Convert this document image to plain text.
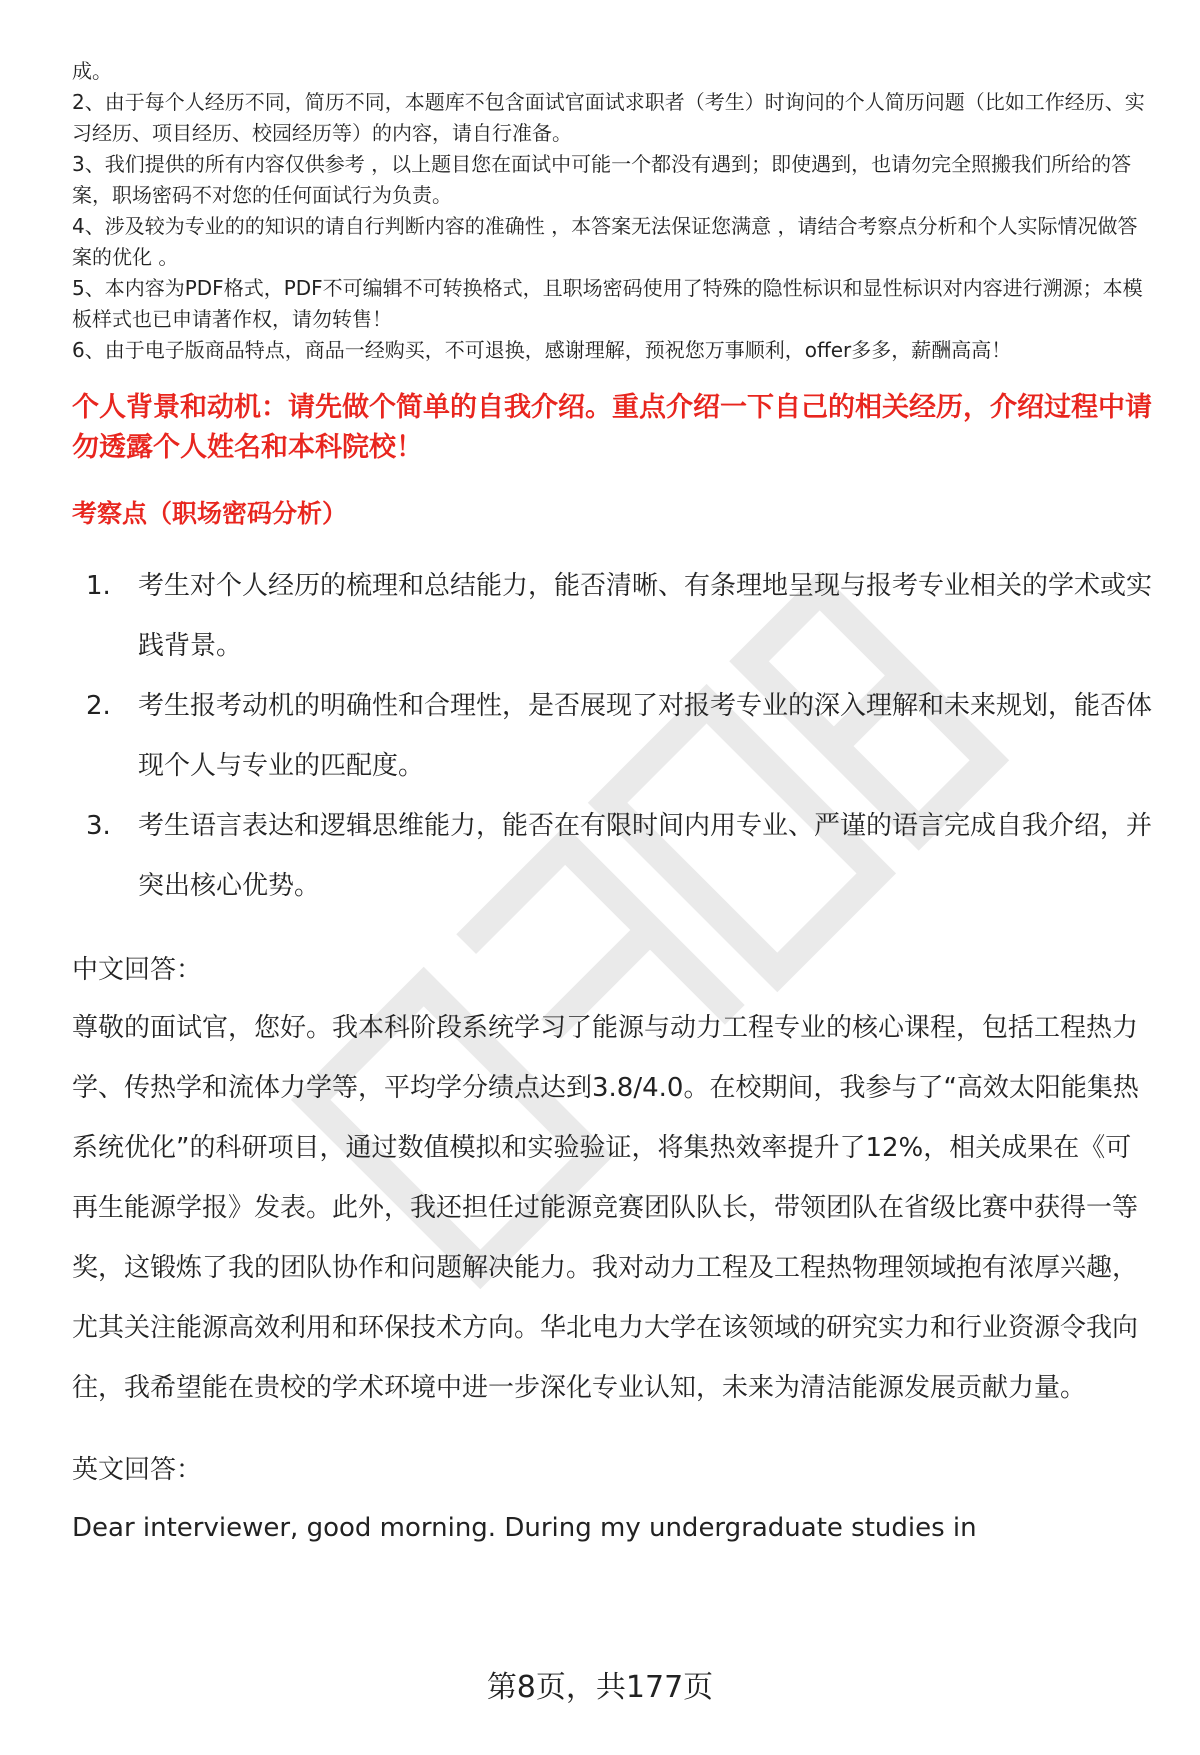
成。
2、由于每个人经历不同，简历不同，本题库不包含面试官面试求职者（考生）时询问的个人简历问题（比如工作经历、实习经历、项目经历、校园经历等）的内容，请自行准备。
3、我们提供的所有内容仅供参考 ，以上题目您在面试中可能一个都没有遇到；即使遇到，也请勿完全照搬我们所给的答案，职场密码不对您的任何面试行为负责。
4、涉及较为专业的的知识的请自行判断内容的准确性 ，本答案无法保证您满意 ，请结合考察点分析和个人实际情况做答案的优化 。
5、本内容为PDF格式，PDF不可编辑不可转换格式，且职场密码使用了特殊的隐性标识和显性标识对内容进行溯源；本模板样式也已申请著作权，请勿转售！
6、由于电子版商品特点，商品一经购买，不可退换，感谢理解，预祝您万事顺利，offer多多，薪酬高高！
个人背景和动机：请先做个简单的自我介绍。重点介绍一下自己的相关经历，介绍过程中请勿透露个人姓名和本科院校！
考察点（职场密码分析）
1.	考生对个人经历的梳理和总结能力，能否清晰、有条理地呈现与报考专业相关的学术或实践背景。
2.	考生报考动机的明确性和合理性，是否展现了对报考专业的深入理解和未来规划，能否体现个人与专业的匹配度。
3.	考生语言表达和逻辑思维能力，能否在有限时间内用专业、严谨的语言完成自我介绍，并突出核心优势。
中文回答：

尊敬的面试官，您好。我本科阶段系统学习了能源与动力工程专业的核心课程，包括工程热力学、传热学和流体力学等，平均学分绩点达到3.8/4.0。在校期间，我参与了“高效太阳能集热系统优化”的科研项目，通过数值模拟和实验验证，将集热效率提升了12%，相关成果在《可再生能源学报》发表。此外，我还担任过能源竞赛团队队长，带领团队在省级比赛中获得一等奖，这锻炼了我的团队协作和问题解决能力。我对动力工程及工程热物理领域抱有浓厚兴趣，尤其关注能源高效利用和环保技术方向。华北电力大学在该领域的研究实力和行业资源令我向往，我希望能在贵校的学术环境中进一步深化专业认知，未来为清洁能源发展贡献力量。

英文回答：

Dear interviewer, good morning. During my undergraduate studies in

第8页，共177页
